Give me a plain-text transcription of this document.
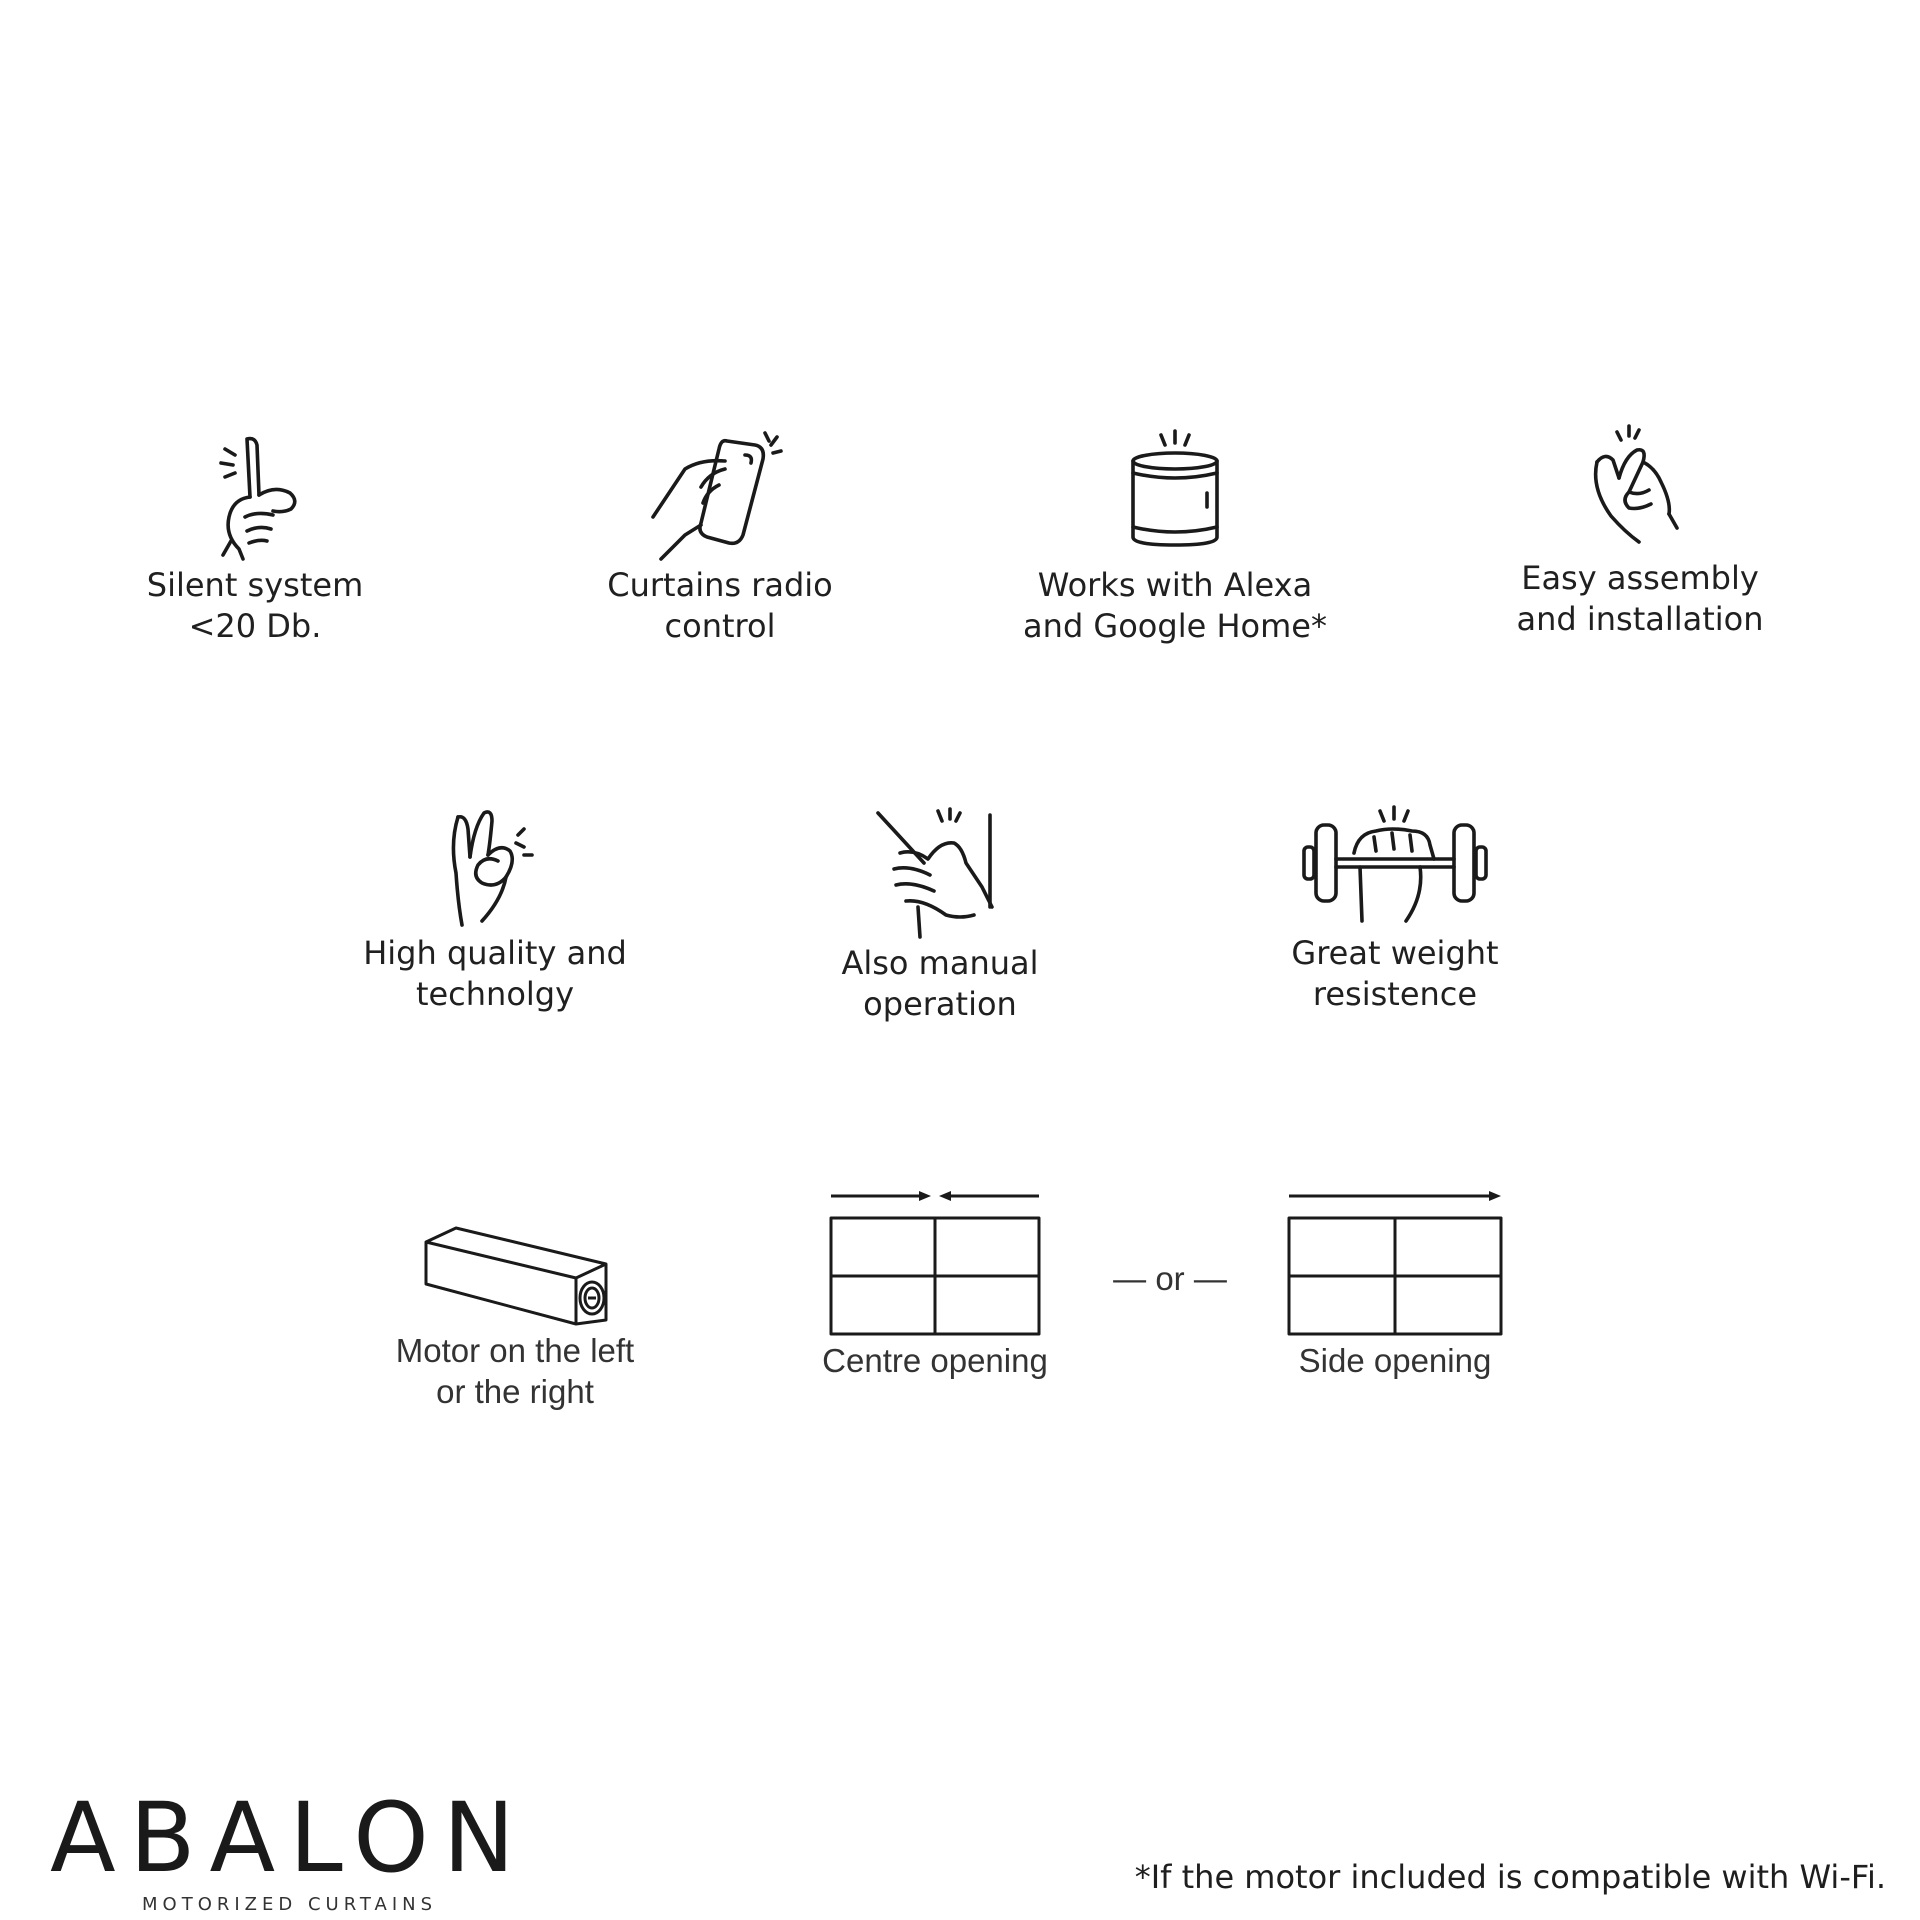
Silent system
<20 Db.
Curtains radio
control
Works with Alexa
and Google Home*
Easy assembly
and installation
High quality and
technolgy
Also manual
operation
Great weight
resistence
Motor on the left
or the right
Centre opening
— or —
Side opening
ABALON
MOTORIZED CURTAINS
*If the motor included is compatible with Wi-Fi.
